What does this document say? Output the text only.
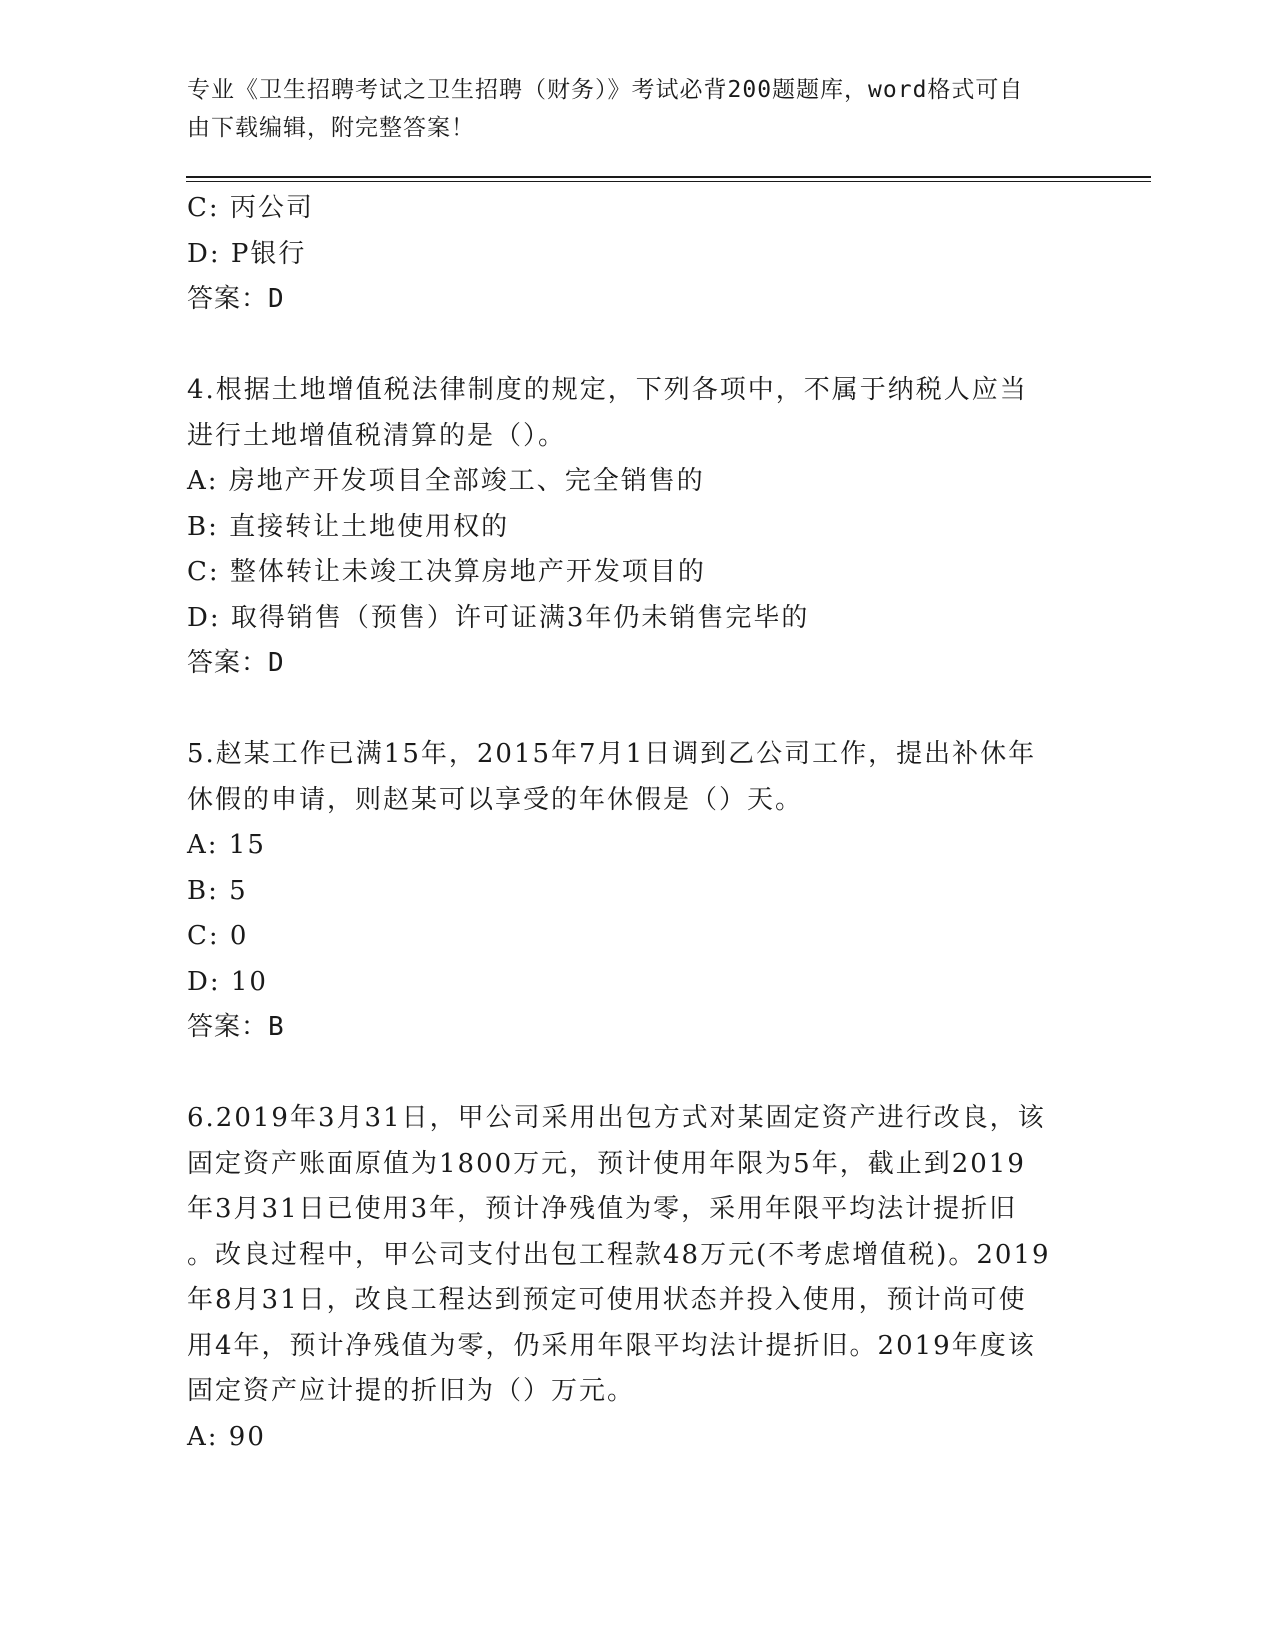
专业《卫生招聘考试之卫生招聘（财务）》考试必背200题题库，word格式可自
由下载编辑，附完整答案！
C: 丙公司
D: P银行
答案：D
4.根据土地增值税法律制度的规定，下列各项中，不属于纳税人应当
进行土地增值税清算的是（）。
A: 房地产开发项目全部竣工、完全销售的
B: 直接转让土地使用权的
C: 整体转让未竣工决算房地产开发项目的
D: 取得销售（预售）许可证满3年仍未销售完毕的
答案：D
5.赵某工作已满15年，2015年7月1日调到乙公司工作，提出补休年
休假的申请，则赵某可以享受的年休假是（）天。
A: 15
B: 5
C: 0
D: 10
答案：B
6.2019年3月31日，甲公司采用出包方式对某固定资产进行改良，该
固定资产账面原值为1800万元，预计使用年限为5年，截止到2019
年3月31日已使用3年，预计净残值为零，采用年限平均法计提折旧
。改良过程中，甲公司支付出包工程款48万元(不考虑增值税)。2019
年8月31日，改良工程达到预定可使用状态并投入使用，预计尚可使
用4年，预计净残值为零，仍采用年限平均法计提折旧。2019年度该
固定资产应计提的折旧为（）万元。
A: 90
